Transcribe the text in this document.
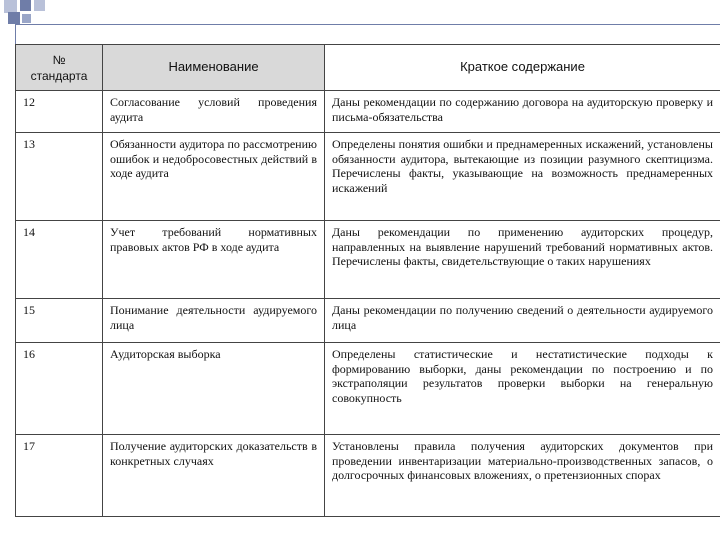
№ стандарта	Наименование	Краткое содержание
12	Согласование условий проведения аудита	Даны рекомендации по содержанию договора на аудиторскую проверку и письма-обязательства
13	Обязанности аудитора по рассмотрению ошибок и недобросовестных действий в ходе аудита	Определены понятия ошибки и преднамеренных искажений, установлены обязанности аудитора, вытекающие из позиции разумного скептицизма. Перечислены факты, указывающие на возможность преднамеренных искажений
14	Учет требований нормативных правовых актов РФ в ходе аудита	Даны рекомендации по применению аудиторских процедур, направленных на выявление нарушений требований нормативных актов. Перечислены факты, свидетельствующие о таких нарушениях
15	Понимание деятельности аудируемого лица	Даны рекомендации по получению сведений о деятельности аудируемого лица
16	Аудиторская выборка	Определены статистические и нестатистические подходы к формированию выборки, даны рекомендации по построению и по экстраполяции результатов проверки выборки на генеральную совокупность
17	Получение аудиторских доказательств в конкретных случаях	Установлены правила получения аудиторских документов при проведении инвентаризации материально-производственных запасов, о долгосрочных финансовых вложениях, о претензионных спорах
